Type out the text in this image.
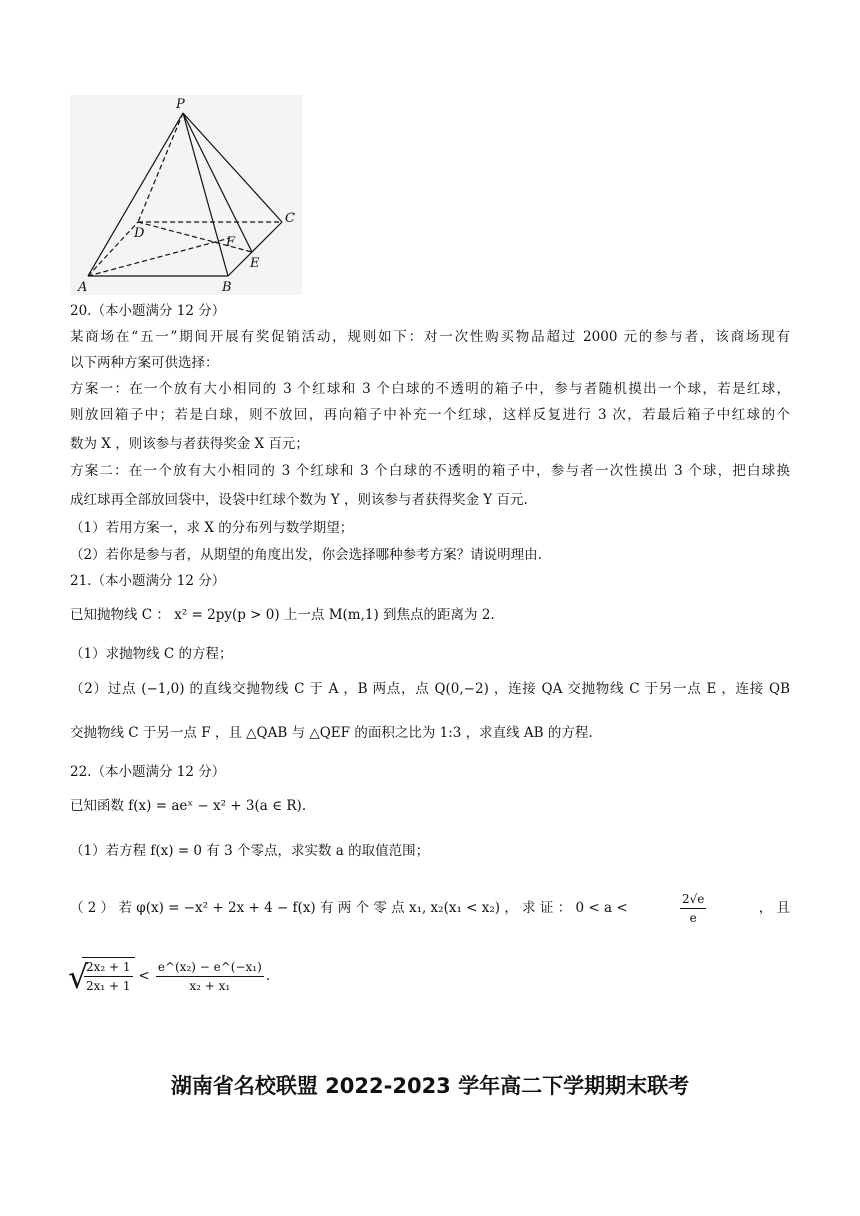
P
A	B
C
D
E
F
20.（本小题满分 12 分）
某商场在“五一”期间开展有奖促销活动，规则如下：对一次性购买物品超过 2000 元的参与者，该商场现有
以下两种方案可供选择：
方案一：在一个放有大小相同的 3 个红球和 3 个白球的不透明的箱子中，参与者随机摸出一个球，若是红球，
则放回箱子中；若是白球，则不放回，再向箱子中补充一个红球，这样反复进行 3 次，若最后箱子中红球的个
数为 X ，则该参与者获得奖金 X 百元；
方案二：在一个放有大小相同的 3 个红球和 3 个白球的不透明的箱子中，参与者一次性摸出 3 个球，把白球换
成红球再全部放回袋中，设袋中红球个数为 Y ，则该参与者获得奖金 Y 百元.
（1）若用方案一，求 X 的分布列与数学期望；
（2）若你是参与者，从期望的角度出发，你会选择哪种参考方案？请说明理由.
21.（本小题满分 12 分）
已知抛物线 C ： x² = 2py(p > 0) 上一点 M(m,1) 到焦点的距离为 2.
（1）求抛物线 C 的方程；
（2）过点 (−1,0) 的直线交抛物线 C 于 A ，B 两点，点 Q(0,−2) ，连接 QA 交抛物线 C 于另一点 E ，连接 QB
交抛物线 C 于另一点 F ，且 △QAB 与 △QEF 的面积之比为 1:3 ，求直线 AB 的方程.
22.（本小题满分 12 分）
已知函数 f(x) = aeˣ − x² + 3(a ∈ R).
（1）若方程 f(x) = 0 有 3 个零点，求实数 a 的取值范围；
（ 2 ） 若 φ(x) = −x² + 2x + 4 − f(x) 有 两 个 零 点 x₁, x₂(x₁ < x₂) ， 求 证 ： 0 < a <	$\frac{2√e}{e}$	， 且
√ $\frac{\text{2x₂ + 1}}{\text{2x₁ + 1}} < \frac{\text{e\textasciicircum{}(x₂) − e\textasciicircum{}(−x₁)}}{\text{x₂ + x₁}}$ .
湖南省名校联盟 2022-2023 学年高二下学期期末联考
